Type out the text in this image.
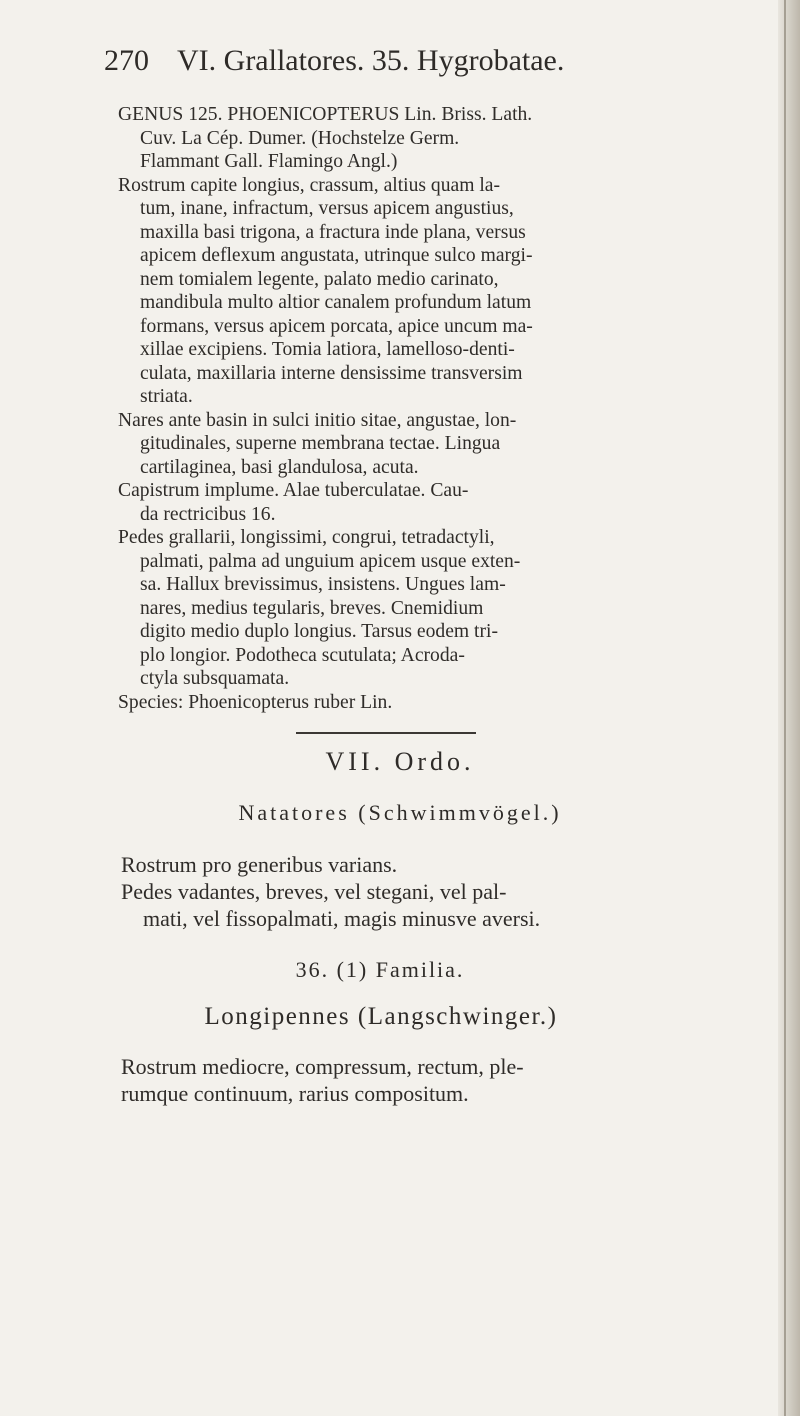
270 VI. Grallatores. 35. Hygrobatae.
GENUS 125. PHOENICOPTERUS Lin. Briss. Lath.
Cuv. La Cép. Dumer. (Hochstelze Germ.
Flammant Gall. Flamingo Angl.)
Rostrum capite longius, crassum, altius quam la-
tum, inane, infractum, versus apicem angustius,
maxilla basi trigona, a fractura inde plana, versus
apicem deflexum angustata, utrinque sulco margi-
nem tomialem legente, palato medio carinato,
mandibula multo altior canalem profundum latum
formans, versus apicem porcata, apice uncum ma-
xillae excipiens. Tomia latiora, lamelloso-denti-
culata, maxillaria interne densissime transversim
striata.
Nares ante basin in sulci initio sitae, angustae, lon-
gitudinales, superne membrana tectae. Lingua
cartilaginea, basi glandulosa, acuta.
Capistrum implume. Alae tuberculatae. Cau-
da rectricibus 16.
Pedes grallarii, longissimi, congrui, tetradactyli,
palmati, palma ad unguium apicem usque exten-
sa. Hallux brevissimus, insistens. Ungues lam-
nares, medius tegularis, breves. Cnemidium
digito medio duplo longius. Tarsus eodem tri-
plo longior. Podotheca scutulata; Acroda-
ctyla subsquamata.
Species: Phoenicopterus ruber Lin.
VII. Ordo.
Natatores (Schwimmvögel.)
Rostrum pro generibus varians.
Pedes vadantes, breves, vel stegani, vel pal-
mati, vel fissopalmati, magis minusve aversi.
36. (1) Familia.
Longipennes (Langschwinger.)
Rostrum mediocre, compressum, rectum, ple-
rumque continuum, rarius compositum.
